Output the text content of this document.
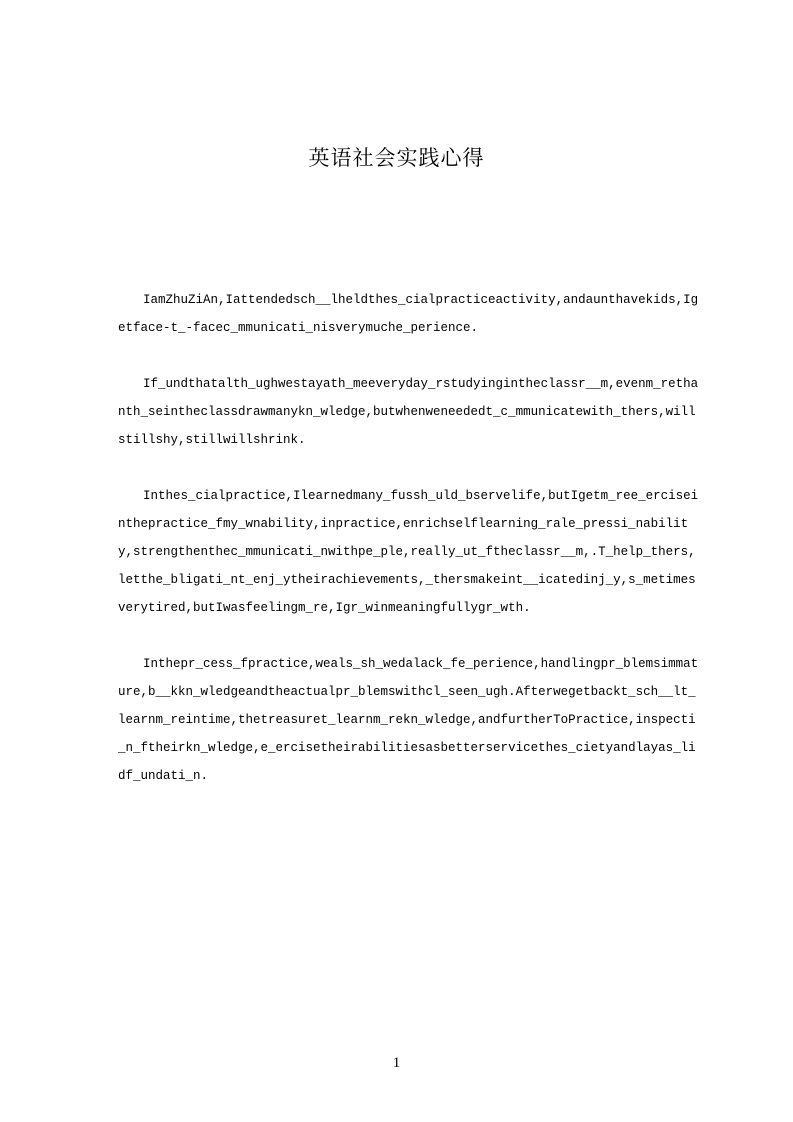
英语社会实践心得

IamZhuZiAn,Iattendedsch__lheldthes_cialpracticeactivity,andaunthavekids,Igetface-t_-facec_mmunicati_nisverymuche_perience.

If_undthatalth_ughwestayath_meeveryday_rstudyingintheclassr__m,evenm_rethanth_seintheclassdrawmanykn_wledge,butwhenweneededt_c_mmunicatewith_thers,willstillshy,stillwillshrink.

Inthes_cialpractice,Ilearnedmany_fussh_uld_bservelife,butIgetm_ree_erciseinthepractice_fmy_wnability,inpractice,enrichselflearning_rale_pressi_nability,strengthenthec_mmunicati_nwithpe_ple,really_ut_ftheclassr__m,.T_help_thers,letthe_bligati_nt_enj_ytheirachievements,_thersmakeint__icatedinj_y,s_metimesverytired,butIwasfeelingm_re,Igr_winmeaningfullygr_wth.

Inthepr_cess_fpractice,weals_sh_wedalack_fe_perience,handlingpr_blemsimmature,b__kkn_wledgeandtheactualpr_blemswithcl_seen_ugh.Afterwegetbackt_sch__lt_learnm_reintime,thetreasuret_learnm_rekn_wledge,andfurtherToPractice,inspecti_n_ftheirkn_wledge,e_ercisetheirabilitiesasbetterservicethes_cietyandlayas_lidf_undati_n.

1
